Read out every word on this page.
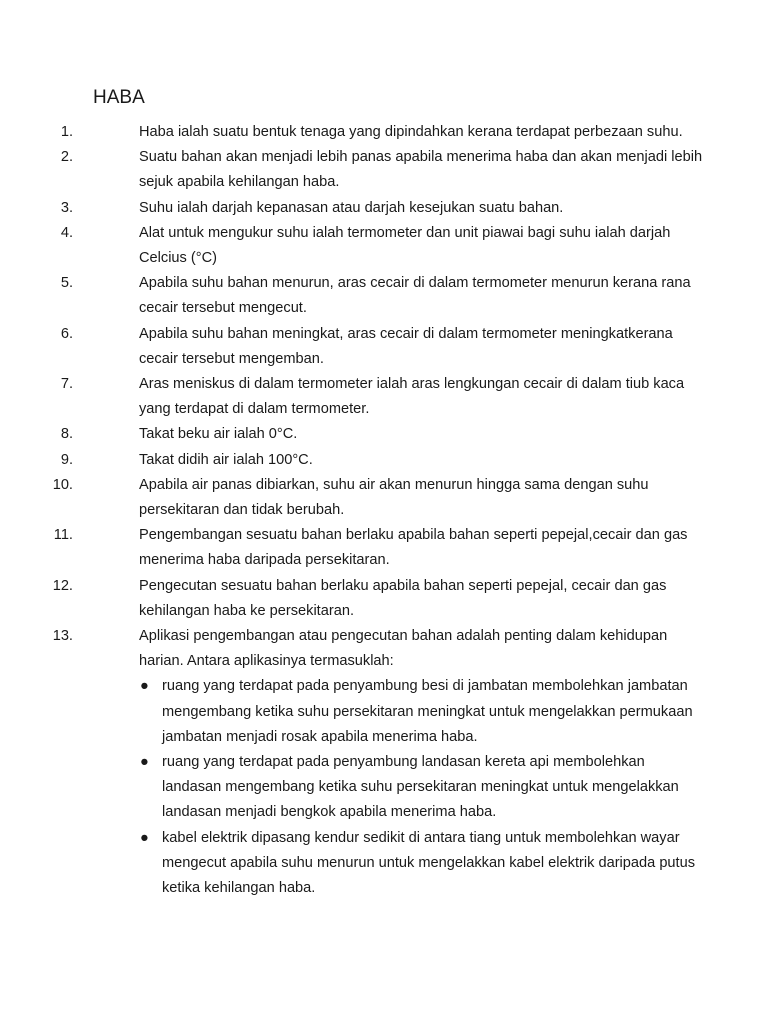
HABA
1.	Haba ialah suatu bentuk tenaga yang dipindahkan kerana terdapat perbezaan suhu.
2.	Suatu bahan akan menjadi lebih panas apabila menerima haba dan akan menjadi lebih sejuk apabila kehilangan haba.
3.	Suhu ialah darjah kepanasan atau darjah kesejukan suatu bahan.
4.	Alat untuk mengukur suhu ialah termometer dan unit piawai bagi suhu ialah darjah Celcius (°C)
5.	Apabila suhu bahan menurun, aras cecair di dalam termometer menurun kerana rana cecair tersebut mengecut.
6.	Apabila suhu bahan meningkat, aras cecair di dalam termometer meningkatkerana cecair tersebut mengemban.
7.	Aras meniskus di dalam termometer ialah aras lengkungan cecair di dalam tiub kaca yang terdapat di dalam termometer.
8.	Takat beku air ialah 0°C.
9.	Takat didih air ialah 100°C.
10.	Apabila air panas dibiarkan, suhu air akan menurun hingga sama dengan suhu persekitaran dan tidak berubah.
11.	Pengembangan sesuatu bahan berlaku apabila bahan seperti pepejal,cecair dan gas menerima haba daripada persekitaran.
12.	Pengecutan sesuatu bahan berlaku apabila bahan seperti pepejal, cecair dan gas kehilangan haba ke persekitaran.
13.	Aplikasi pengembangan atau pengecutan bahan adalah penting dalam kehidupan harian. Antara aplikasinya termasuklah:
● ruang yang terdapat pada penyambung besi di jambatan membolehkan jambatan mengembang ketika suhu persekitaran meningkat untuk mengelakkan permukaan jambatan menjadi rosak apabila menerima haba.
● ruang yang terdapat pada penyambung landasan kereta api membolehkan landasan mengembang ketika suhu persekitaran meningkat untuk mengelakkan landasan menjadi bengkok apabila menerima haba.
● kabel elektrik dipasang kendur sedikit di antara tiang untuk membolehkan wayar mengecut apabila suhu menurun untuk mengelakkan kabel elektrik daripada putus ketika kehilangan haba.
